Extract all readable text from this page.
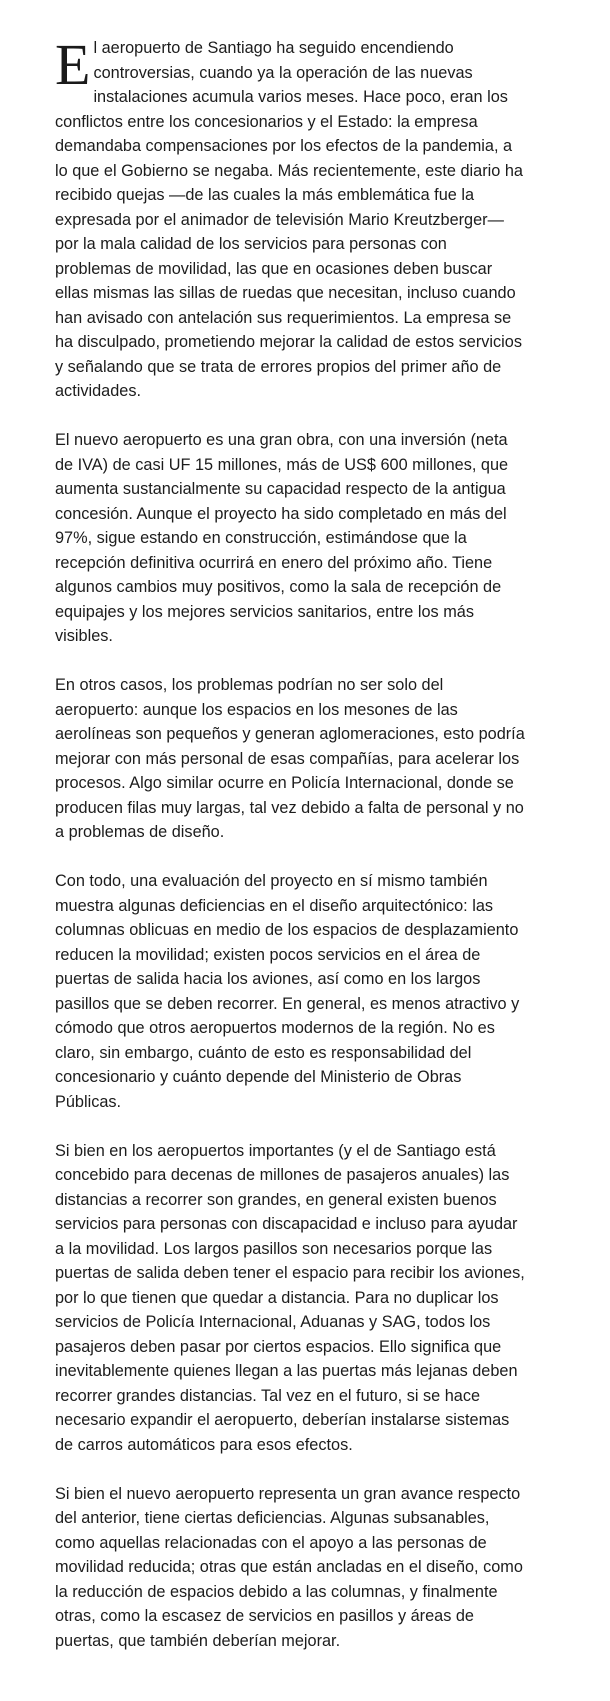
El aeropuerto de Santiago ha seguido encendiendo controversias, cuando ya la operación de las nuevas instalaciones acumula varios meses. Hace poco, eran los conflictos entre los concesionarios y el Estado: la empresa demandaba compensaciones por los efectos de la pandemia, a lo que el Gobierno se negaba. Más recientemente, este diario ha recibido quejas —de las cuales la más emblemática fue la expresada por el animador de televisión Mario Kreutzberger— por la mala calidad de los servicios para personas con problemas de movilidad, las que en ocasiones deben buscar ellas mismas las sillas de ruedas que necesitan, incluso cuando han avisado con antelación sus requerimientos. La empresa se ha disculpado, prometiendo mejorar la calidad de estos servicios y señalando que se trata de errores propios del primer año de actividades.

El nuevo aeropuerto es una gran obra, con una inversión (neta de IVA) de casi UF 15 millones, más de US$ 600 millones, que aumenta sustancialmente su capacidad respecto de la antigua concesión. Aunque el proyecto ha sido completado en más del 97%, sigue estando en construcción, estimándose que la recepción definitiva ocurrirá en enero del próximo año. Tiene algunos cambios muy positivos, como la sala de recepción de equipajes y los mejores servicios sanitarios, entre los más visibles.

En otros casos, los problemas podrían no ser solo del aeropuerto: aunque los espacios en los mesones de las aerolíneas son pequeños y generan aglomeraciones, esto podría mejorar con más personal de esas compañías, para acelerar los procesos. Algo similar ocurre en Policía Internacional, donde se producen filas muy largas, tal vez debido a falta de personal y no a problemas de diseño.

Con todo, una evaluación del proyecto en sí mismo también muestra algunas deficiencias en el diseño arquitectónico: las columnas oblicuas en medio de los espacios de desplazamiento reducen la movilidad; existen pocos servicios en el área de puertas de salida hacia los aviones, así como en los largos pasillos que se deben recorrer. En general, es menos atractivo y cómodo que otros aeropuertos modernos de la región. No es claro, sin embargo, cuánto de esto es responsabilidad del concesionario y cuánto depende del Ministerio de Obras Públicas.

Si bien en los aeropuertos importantes (y el de Santiago está concebido para decenas de millones de pasajeros anuales) las distancias a recorrer son grandes, en general existen buenos servicios para personas con discapacidad e incluso para ayudar a la movilidad. Los largos pasillos son necesarios porque las puertas de salida deben tener el espacio para recibir los aviones, por lo que tienen que quedar a distancia. Para no duplicar los servicios de Policía Internacional, Aduanas y SAG, todos los pasajeros deben pasar por ciertos espacios. Ello significa que inevitablemente quienes llegan a las puertas más lejanas deben recorrer grandes distancias. Tal vez en el futuro, si se hace necesario expandir el aeropuerto, deberían instalarse sistemas de carros automáticos para esos efectos.

Si bien el nuevo aeropuerto representa un gran avance respecto del anterior, tiene ciertas deficiencias. Algunas subsanables, como aquellas relacionadas con el apoyo a las personas de movilidad reducida; otras que están ancladas en el diseño, como la reducción de espacios debido a las columnas, y finalmente otras, como la escasez de servicios en pasillos y áreas de puertas, que también deberían mejorar.
